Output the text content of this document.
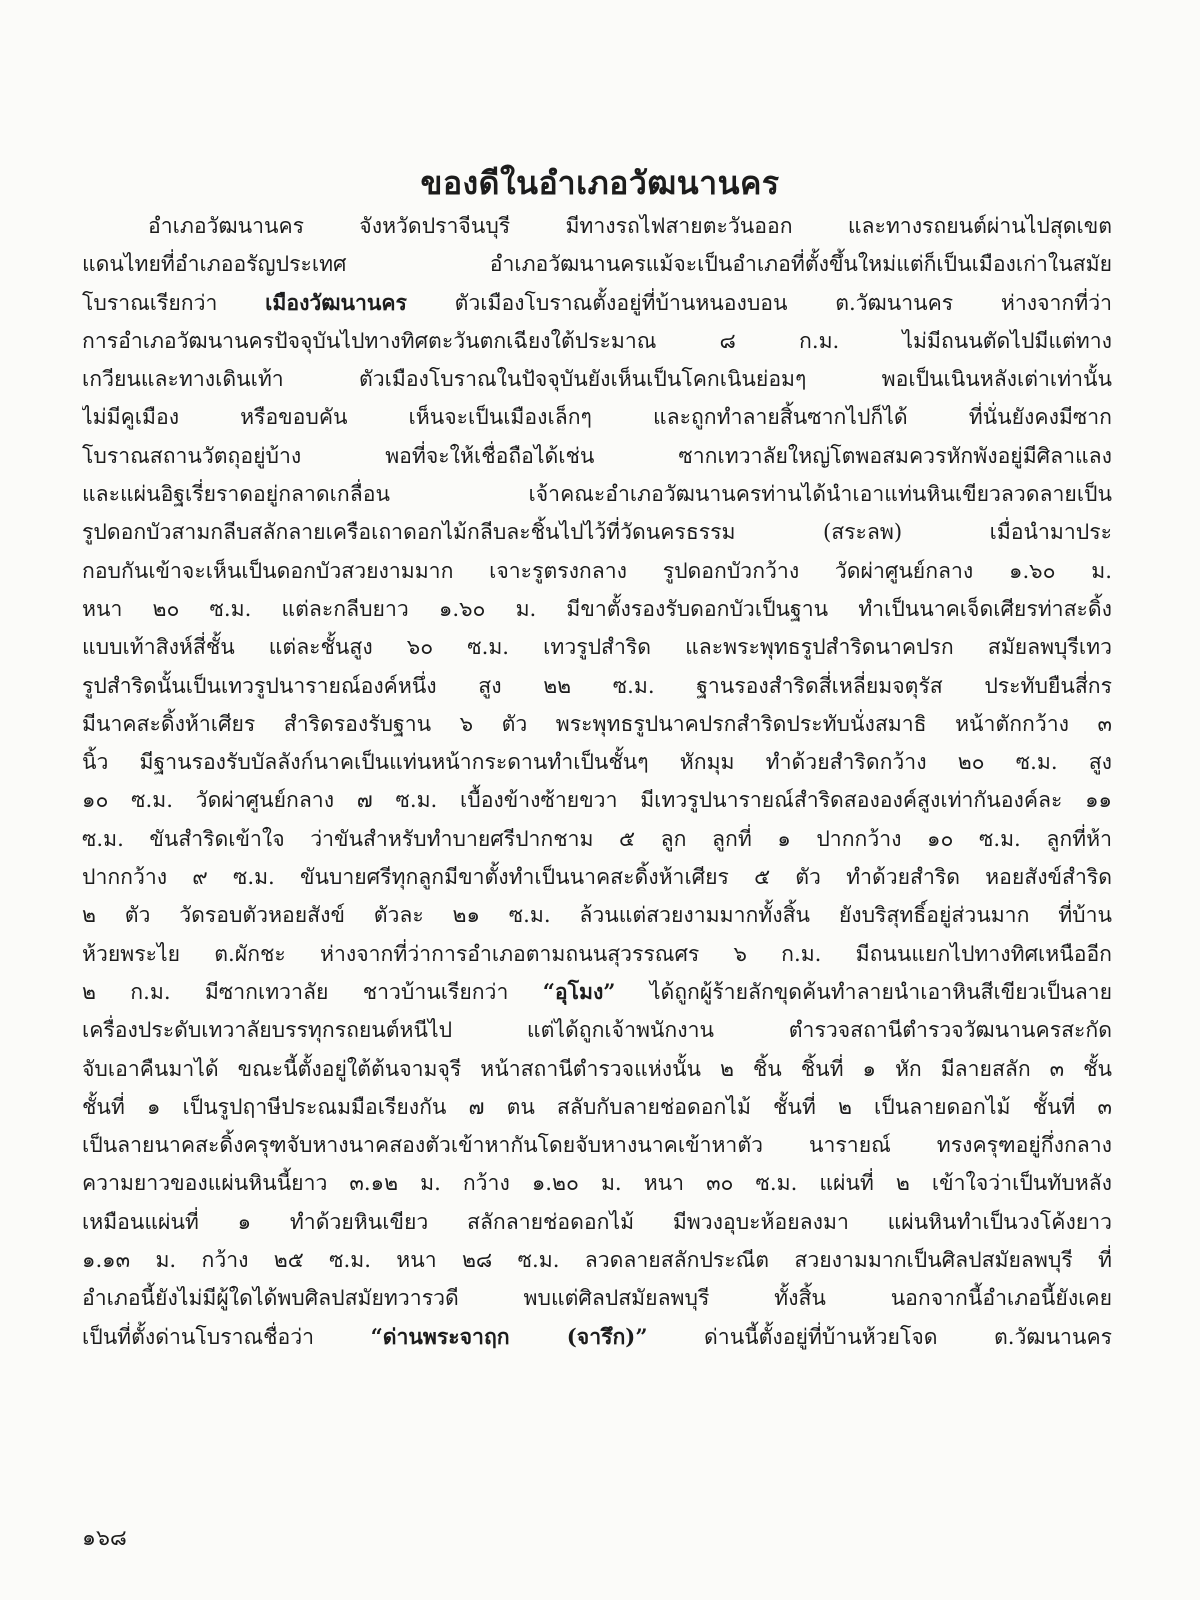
ของดีในอำเภอวัฒนานคร
อำเภอวัฒนานคร จังหวัดปราจีนบุรี มีทางรถไฟสายตะวันออก และทางรถยนต์ผ่านไปสุดเขต
แดนไทยที่อำเภออรัญประเทศ อำเภอวัฒนานครแม้จะเป็นอำเภอที่ตั้งขึ้นใหม่แต่ก็เป็นเมืองเก่าในสมัย
โบราณเรียกว่า เมืองวัฒนานคร ตัวเมืองโบราณตั้งอยู่ที่บ้านหนองบอน ต.วัฒนานคร ห่างจากที่ว่า
การอำเภอวัฒนานครปัจจุบันไปทางทิศตะวันตกเฉียงใต้ประมาณ ๘ ก.ม. ไม่มีถนนตัดไปมีแต่ทาง
เกวียนและทางเดินเท้า ตัวเมืองโบราณในปัจจุบันยังเห็นเป็นโคกเนินย่อมๆ พอเป็นเนินหลังเต่าเท่านั้น
ไม่มีคูเมือง หรือขอบคัน เห็นจะเป็นเมืองเล็กๆ และถูกทำลายสิ้นซากไปก็ได้ ที่นั่นยังคงมีซาก
โบราณสถานวัตถุอยู่บ้าง พอที่จะให้เชื่อถือได้เช่น ซากเทวาลัยใหญ่โตพอสมควรหักพังอยู่มีศิลาแลง
และแผ่นอิฐเรี่ยราดอยู่กลาดเกลื่อน เจ้าคณะอำเภอวัฒนานครท่านได้นำเอาแท่นหินเขียวลวดลายเป็น
รูปดอกบัวสามกลีบสลักลายเครือเถาดอกไม้กลีบละชิ้นไปไว้ที่วัดนครธรรม (สระลพ) เมื่อนำมาประ
กอบกันเข้าจะเห็นเป็นดอกบัวสวยงามมาก เจาะรูตรงกลาง รูปดอกบัวกว้าง วัดผ่าศูนย์กลาง ๑.๖๐ ม.
หนา ๒๐ ซ.ม. แต่ละกลีบยาว ๑.๖๐ ม. มีขาตั้งรองรับดอกบัวเป็นฐาน ทำเป็นนาคเจ็ดเศียรท่าสะดิ้ง
แบบเท้าสิงห์สี่ชั้น แต่ละชั้นสูง ๖๐ ซ.ม. เทวรูปสำริด และพระพุทธรูปสำริดนาคปรก สมัยลพบุรีเทว
รูปสำริดนั้นเป็นเทวรูปนารายณ์องค์หนึ่ง สูง ๒๒ ซ.ม. ฐานรองสำริดสี่เหลี่ยมจตุรัส ประทับยืนสี่กร
มีนาคสะดิ้งห้าเศียร สำริดรองรับฐาน ๖ ตัว พระพุทธรูปนาคปรกสำริดประทับนั่งสมาธิ หน้าตักกว้าง ๓
นิ้ว มีฐานรองรับบัลลังก์นาคเป็นแท่นหน้ากระดานทำเป็นชั้นๆ หักมุม ทำด้วยสำริดกว้าง ๒๐ ซ.ม. สูง
๑๐ ซ.ม. วัดผ่าศูนย์กลาง ๗ ซ.ม. เบื้องข้างซ้ายขวา มีเทวรูปนารายณ์สำริดสององค์สูงเท่ากันองค์ละ ๑๑
ซ.ม. ขันสำริดเข้าใจ ว่าขันสำหรับทำบายศรีปากชาม ๕ ลูก ลูกที่ ๑ ปากกว้าง ๑๐ ซ.ม. ลูกที่ห้า
ปากกว้าง ๙ ซ.ม. ขันบายศรีทุกลูกมีขาตั้งทำเป็นนาคสะดิ้งห้าเศียร ๕ ตัว ทำด้วยสำริด หอยสังข์สำริด
๒ ตัว วัดรอบตัวหอยสังข์ ตัวละ ๒๑ ซ.ม. ล้วนแต่สวยงามมากทั้งสิ้น ยังบริสุทธิ์อยู่ส่วนมาก ที่บ้าน
ห้วยพระไย ต.ผักชะ ห่างจากที่ว่าการอำเภอตามถนนสุวรรณศร ๖ ก.ม. มีถนนแยกไปทางทิศเหนืออีก
๒ ก.ม. มีซากเทวาลัย ชาวบ้านเรียกว่า “อุโมง” ได้ถูกผู้ร้ายลักขุดค้นทำลายนำเอาหินสีเขียวเป็นลาย
เครื่องประดับเทวาลัยบรรทุกรถยนต์หนีไป แต่ได้ถูกเจ้าพนักงาน ตำรวจสถานีตำรวจวัฒนานครสะกัด
จับเอาคืนมาได้ ขณะนี้ตั้งอยู่ใต้ต้นจามจุรี หน้าสถานีตำรวจแห่งนั้น ๒ ชิ้น ชิ้นที่ ๑ หัก มีลายสลัก ๓ ชั้น
ชั้นที่ ๑ เป็นรูปฤาษีประณมมือเรียงกัน ๗ ตน สลับกับลายช่อดอกไม้ ชั้นที่ ๒ เป็นลายดอกไม้ ชั้นที่ ๓
เป็นลายนาคสะดิ้งครุฑจับหางนาคสองตัวเข้าหากันโดยจับหางนาคเข้าหาตัว นารายณ์ ทรงครุฑอยู่กึ่งกลาง
ความยาวของแผ่นหินนี้ยาว ๓.๑๒ ม. กว้าง ๑.๒๐ ม. หนา ๓๐ ซ.ม. แผ่นที่ ๒ เข้าใจว่าเป็นทับหลัง
เหมือนแผ่นที่ ๑ ทำด้วยหินเขียว สลักลายช่อดอกไม้ มีพวงอุบะห้อยลงมา แผ่นหินทำเป็นวงโค้งยาว
๑.๑๓ ม. กว้าง ๒๕ ซ.ม. หนา ๒๘ ซ.ม. ลวดลายสลักประณีต สวยงามมากเป็นศิลปสมัยลพบุรี ที่
อำเภอนี้ยังไม่มีผู้ใดได้พบศิลปสมัยทวารวดี พบแต่ศิลปสมัยลพบุรี ทั้งสิ้น นอกจากนี้อำเภอนี้ยังเคย
เป็นที่ตั้งด่านโบราณชื่อว่า “ด่านพระจาฤก (จารึก)” ด่านนี้ตั้งอยู่ที่บ้านห้วยโจด ต.วัฒนานคร
๑๖๘
